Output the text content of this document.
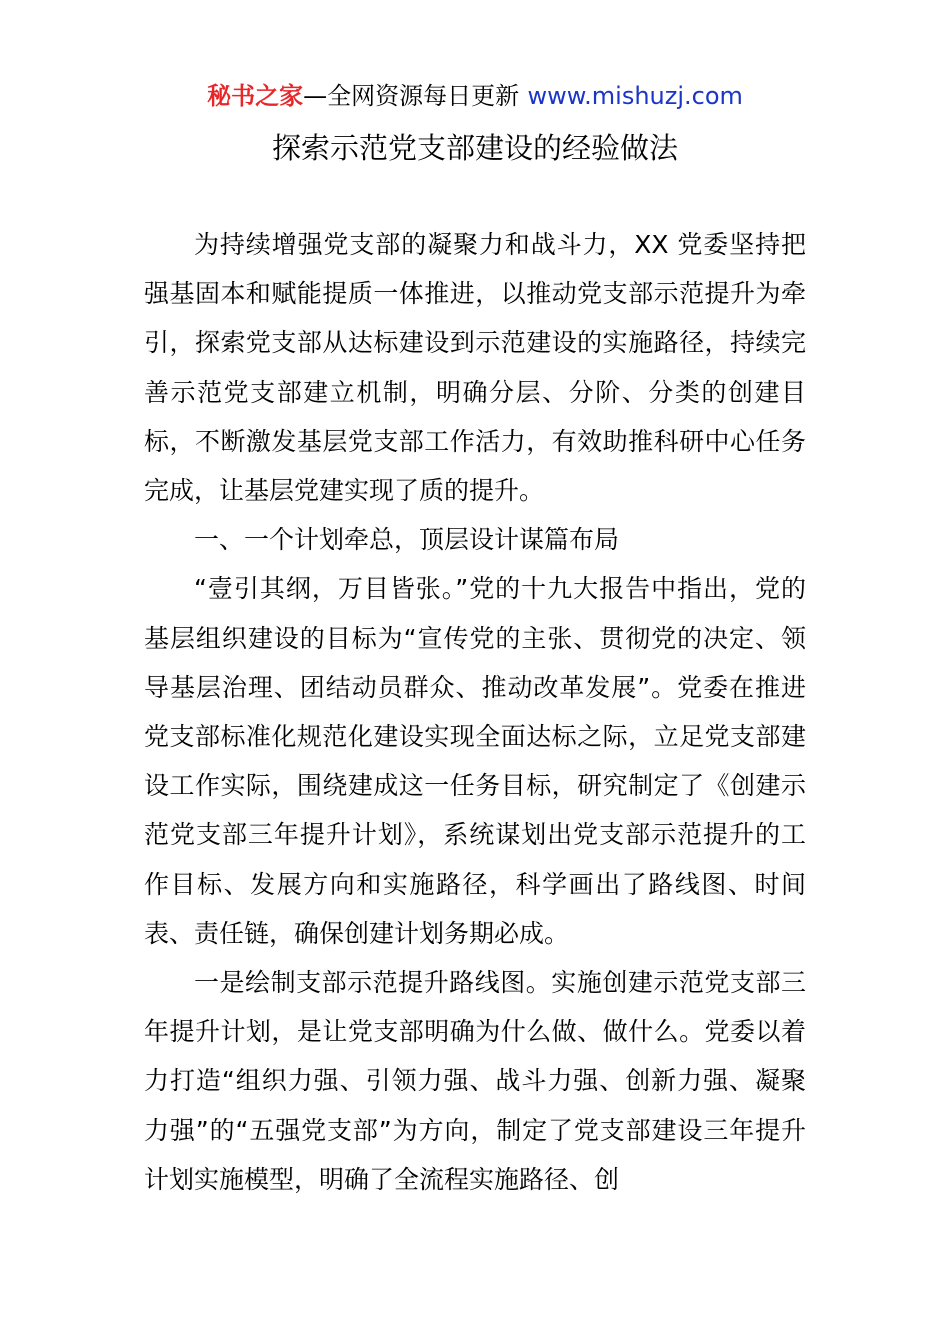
秘书之家—全网资源每日更新 www.mishuzj.com
探索示范党支部建设的经验做法

为持续增强党支部的凝聚力和战斗力，XX 党委坚持把强基固本和赋能提质一体推进，以推动党支部示范提升为牵引，探索党支部从达标建设到示范建设的实施路径，持续完善示范党支部建立机制，明确分层、分阶、分类的创建目标，不断激发基层党支部工作活力，有效助推科研中心任务完成，让基层党建实现了质的提升。

一、一个计划牵总，顶层设计谋篇布局

“壹引其纲，万目皆张。”党的十九大报告中指出，党的基层组织建设的目标为“宣传党的主张、贯彻党的决定、领导基层治理、团结动员群众、推动改革发展”。党委在推进党支部标准化规范化建设实现全面达标之际，立足党支部建设工作实际，围绕建成这一任务目标，研究制定了《创建示范党支部三年提升计划》，系统谋划出党支部示范提升的工作目标、发展方向和实施路径，科学画出了路线图、时间表、责任链，确保创建计划务期必成。

一是绘制支部示范提升路线图。实施创建示范党支部三年提升计划，是让党支部明确为什么做、做什么。党委以着力打造“组织力强、引领力强、战斗力强、创新力强、凝聚力强”的“五强党支部”为方向，制定了党支部建设三年提升计划实施模型，明确了全流程实施路径、创
